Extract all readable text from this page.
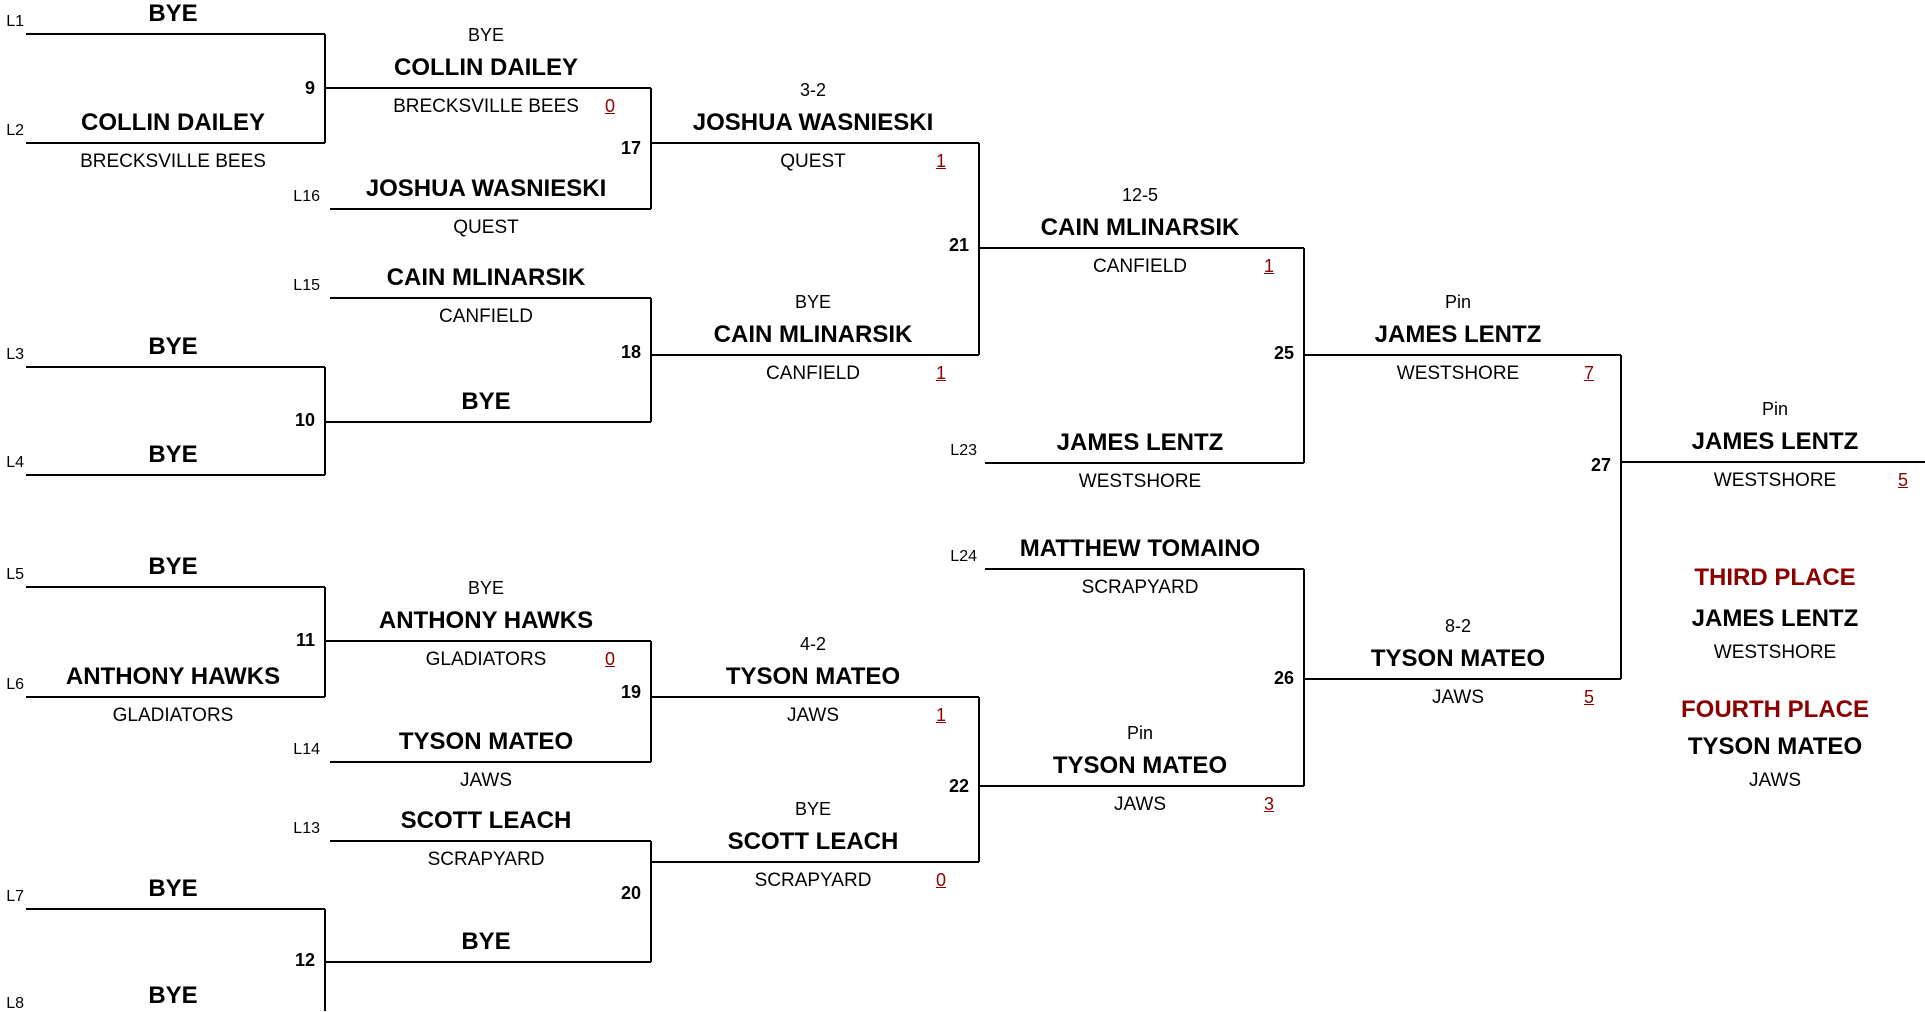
BYE
L1
COLLIN DAILEY
BRECKSVILLE BEES
L2
BYE
L3
BYE
L4
BYE
L5
ANTHONY HAWKS
GLADIATORS
L6
BYE
L7
BYE
L8
BYE
COLLIN DAILEY
BRECKSVILLE BEES 0
JOSHUA WASNIESKI
QUEST
L16
CAIN MLINARSIK
CANFIELD
L15
BYE
BYE
ANTHONY HAWKS
GLADIATORS	0
TYSON MATEO
JAWS
L14
SCOTT LEACH
SCRAPYARD
L13
BYE
3-2
JOSHUA WASNIESKI
QUEST	1
BYE
CAIN MLINARSIK
CANFIELD	1
4-2
TYSON MATEO
JAWS	1
BYE
SCOTT LEACH
SCRAPYARD	0
12-5
CAIN MLINARSIK
CANFIELD	1
JAMES LENTZ
WESTSHORE
L23
MATTHEW TOMAINO
SCRAPYARD
L24
Pin
TYSON MATEO
JAWS	3
Pin
JAMES LENTZ
WESTSHORE	7
8-2
TYSON MATEO
JAWS	5
Pin
JAMES LENTZ
WESTSHORE	5
9
10
11
12
17
18
19
20
21
22
25
26
27
THIRD PLACE
JAMES LENTZ
WESTSHORE
FOURTH PLACE
TYSON MATEO
JAWS
